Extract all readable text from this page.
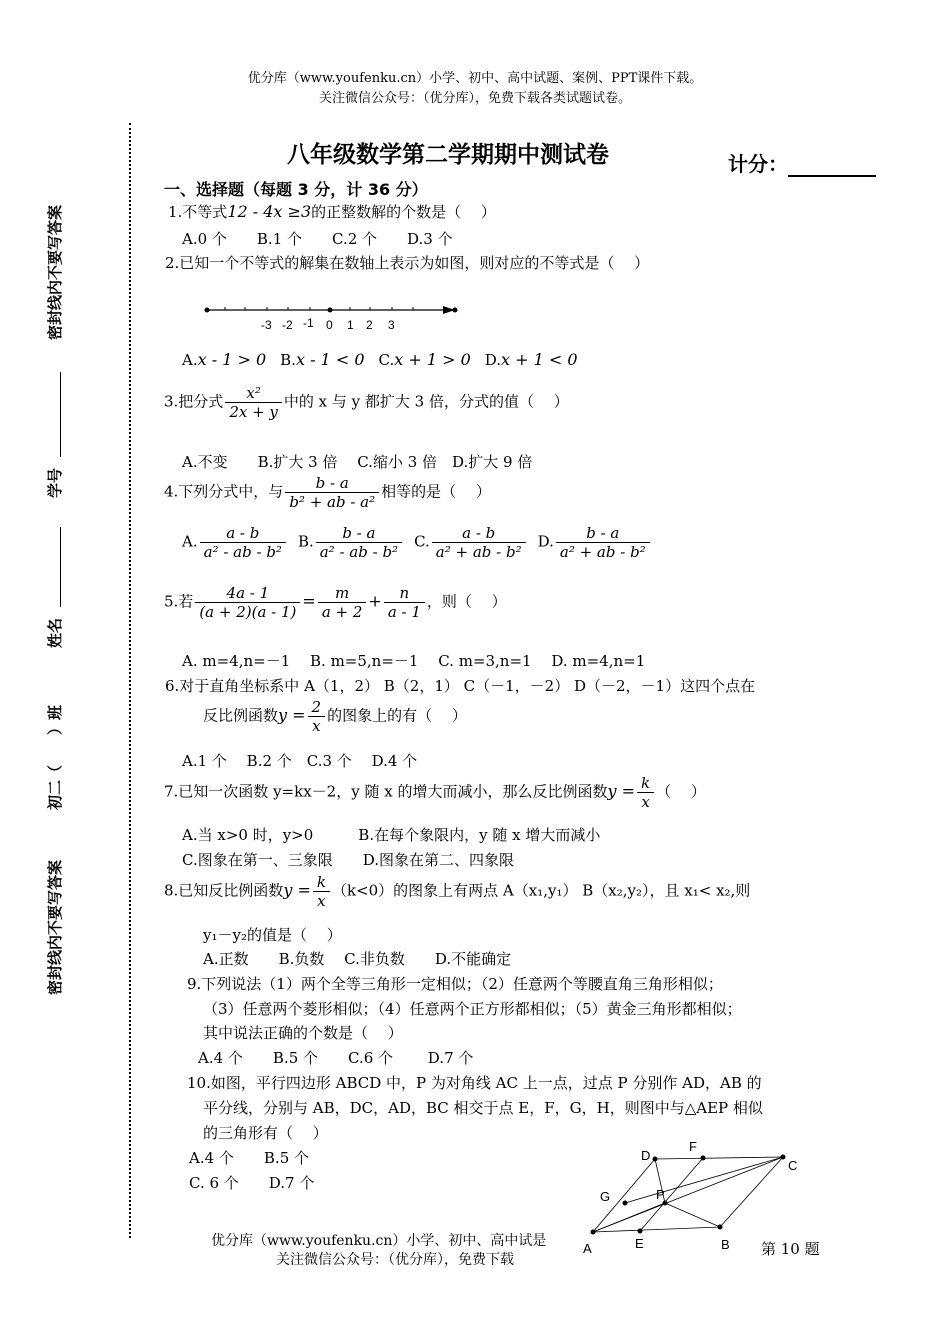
优分库（www.youfenku.cn）小学、初中、高中试题、案例、PPT课件下载。
关注微信公众号：（优分库），免费下载各类试题试卷。
八年级数学第二学期期中测试卷	计分：
密封线内不要写答案
学号
姓名
）班
初二（
密封线内不要写答案
一、选择题（每题 3 分，计 36 分）
1.不等式12 - 4x ≥3的正整数解的个数是（　 ）
A.0 个　　B.1 个　　C.2 个　　D.3 个
2.已知一个不等式的解集在数轴上表示为如图，则对应的不等式是（　 ）
-3 -2 -1 0 1 2 3
A.x - 1 > 0 B.x - 1 < 0 C.x + 1 > 0 D.x + 1 < 0
3.把分式 $\frac{\text{x²}}{2x + y}$ 中的 x 与 y 都扩大 3 倍，分式的值（　 ）
A.不变　　B.扩大 3 倍　 C.缩小 3 倍　D.扩大 9 倍
4.下列分式中，与 $\frac{b - a}{\text{b² + ab - a²}}$ 相等的是（　 ）
A. $\frac{a - b}{\text{a² - ab - b²}} B$. $\frac{b - a}{\text{a² - ab - b²}} C$. $\frac{a - b}{\text{a² + ab - b²}} D$. $\frac{b - a}{\text{a² + ab - b²}}$
5.若 $\frac{4a - 1}{(a + 2)(a - 1)} = \frac{m}{a + 2} + \frac{n}{a - 1}$ ，则（　 ）
A. m=4,n=－1　 B. m=5,n=－1　 C. m=3,n=1　 D. m=4,n=1
6.对于直角坐标系中 A（1，2） B（2，1） C（－1，－2） D（－2，－1）这四个点在
反比例函数$y = \frac{2}{x}$ 的图象上的有（　 ）
A.1 个　 B.2 个　C.3 个　 D.4 个
7.已知一次函数 y=kx－2，y 随 x 的增大而减小，那么反比例函数$y = \frac{k}{x}$ （　 ）
A.当 x>0 时，y>0　　　B.在每个象限内，y 随 x 增大而减小
C.图象在第一、三象限　　D.图象在第二、四象限
8.已知反比例函数$y = \frac{k}{x} (k<0)$的图象上有两点 A（x₁,y₁） B（x₂,y₂），且 x₁< x₂,则
y₁－y₂的值是（　 ）
A.正数　　B.负数　 C.非负数　　D.不能确定
9.下列说法（1）两个全等三角形一定相似；（2）任意两个等腰直角三角形相似；
（3）任意两个菱形相似；（4）任意两个正方形都相似；（5）黄金三角形都相似；
其中说法正确的个数是（　 ）
A.4 个　　B.5 个　　C.6 个　　 D.7 个
10.如图，平行四边形 ABCD 中，P 为对角线 AC 上一点，过点 P 分别作 AD，AB 的
平分线，分别与 AB，DC，AD，BC 相交于点 E，F，G，H，则图中与△AEP 相似
的三角形有（　 ）
A.4 个　　B.5 个
C. 6 个　　D.7 个
A	B
C
D
E
F
G	P
第 10 题
优分库（www.youfenku.cn）小学、初中、高中试是
关注微信公众号：（优分库），免费下载
